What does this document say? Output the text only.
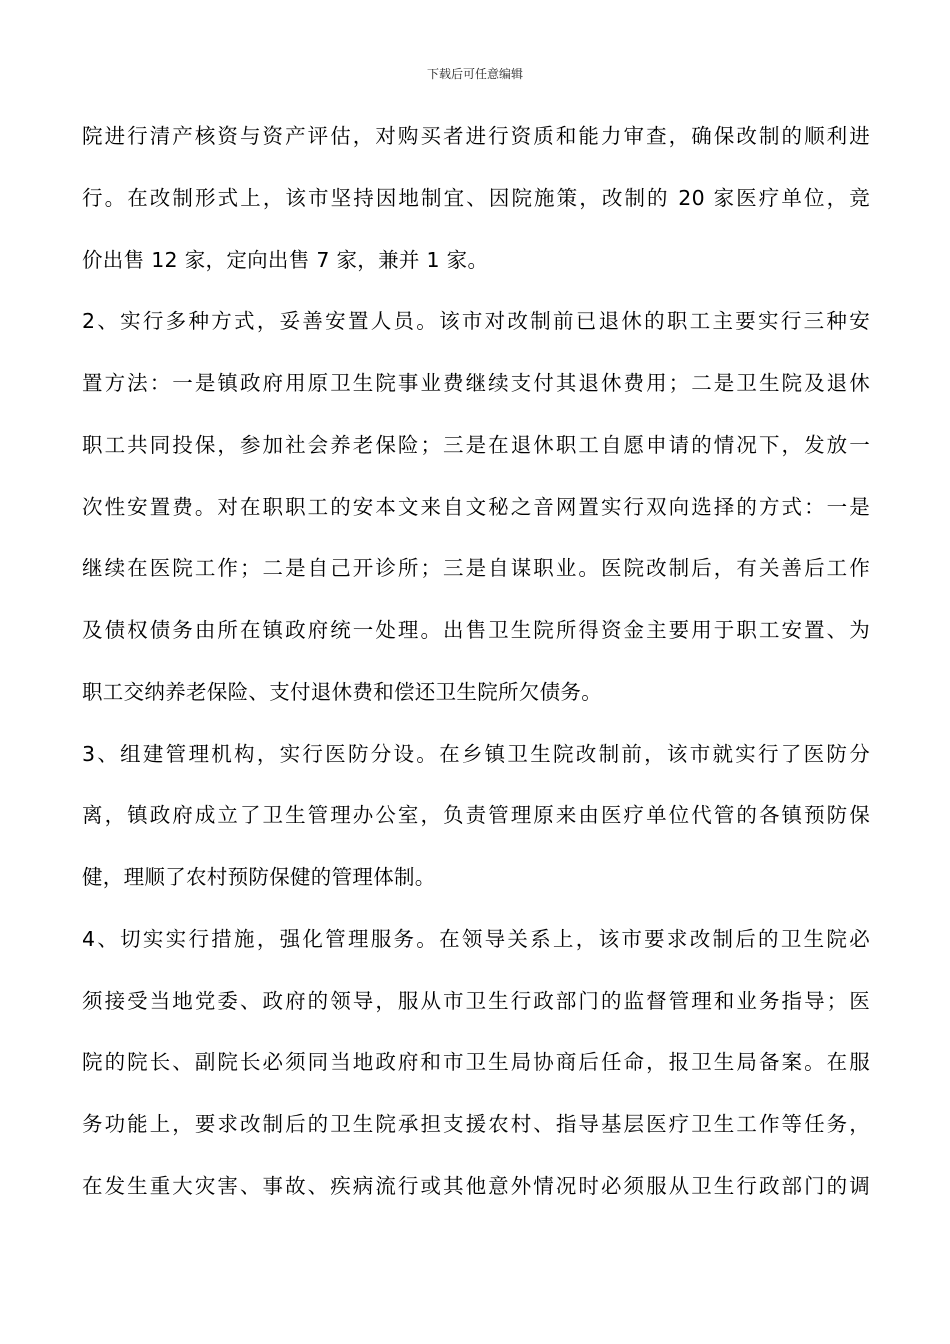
下载后可任意编辑
院进行清产核资与资产评估，对购买者进行资质和能力审查，确保改制的顺利进
行。在改制形式上，该市坚持因地制宜、因院施策，改制的 20 家医疗单位，竞
价出售 12 家，定向出售 7 家，兼并 1 家。
2、实行多种方式，妥善安置人员。该市对改制前已退休的职工主要实行三种安
置方法：一是镇政府用原卫生院事业费继续支付其退休费用；二是卫生院及退休
职工共同投保，参加社会养老保险；三是在退休职工自愿申请的情况下，发放一
次性安置费。对在职职工的安本文来自文秘之音网置实行双向选择的方式：一是
继续在医院工作；二是自己开诊所；三是自谋职业。医院改制后，有关善后工作
及债权债务由所在镇政府统一处理。出售卫生院所得资金主要用于职工安置、为
职工交纳养老保险、支付退休费和偿还卫生院所欠债务。
3、组建管理机构，实行医防分设。在乡镇卫生院改制前，该市就实行了医防分
离，镇政府成立了卫生管理办公室，负责管理原来由医疗单位代管的各镇预防保
健，理顺了农村预防保健的管理体制。
4、切实实行措施，强化管理服务。在领导关系上，该市要求改制后的卫生院必
须接受当地党委、政府的领导，服从市卫生行政部门的监督管理和业务指导；医
院的院长、副院长必须同当地政府和市卫生局协商后任命，报卫生局备案。在服
务功能上，要求改制后的卫生院承担支援农村、指导基层医疗卫生工作等任务，
在发生重大灾害、事故、疾病流行或其他意外情况时必须服从卫生行政部门的调
